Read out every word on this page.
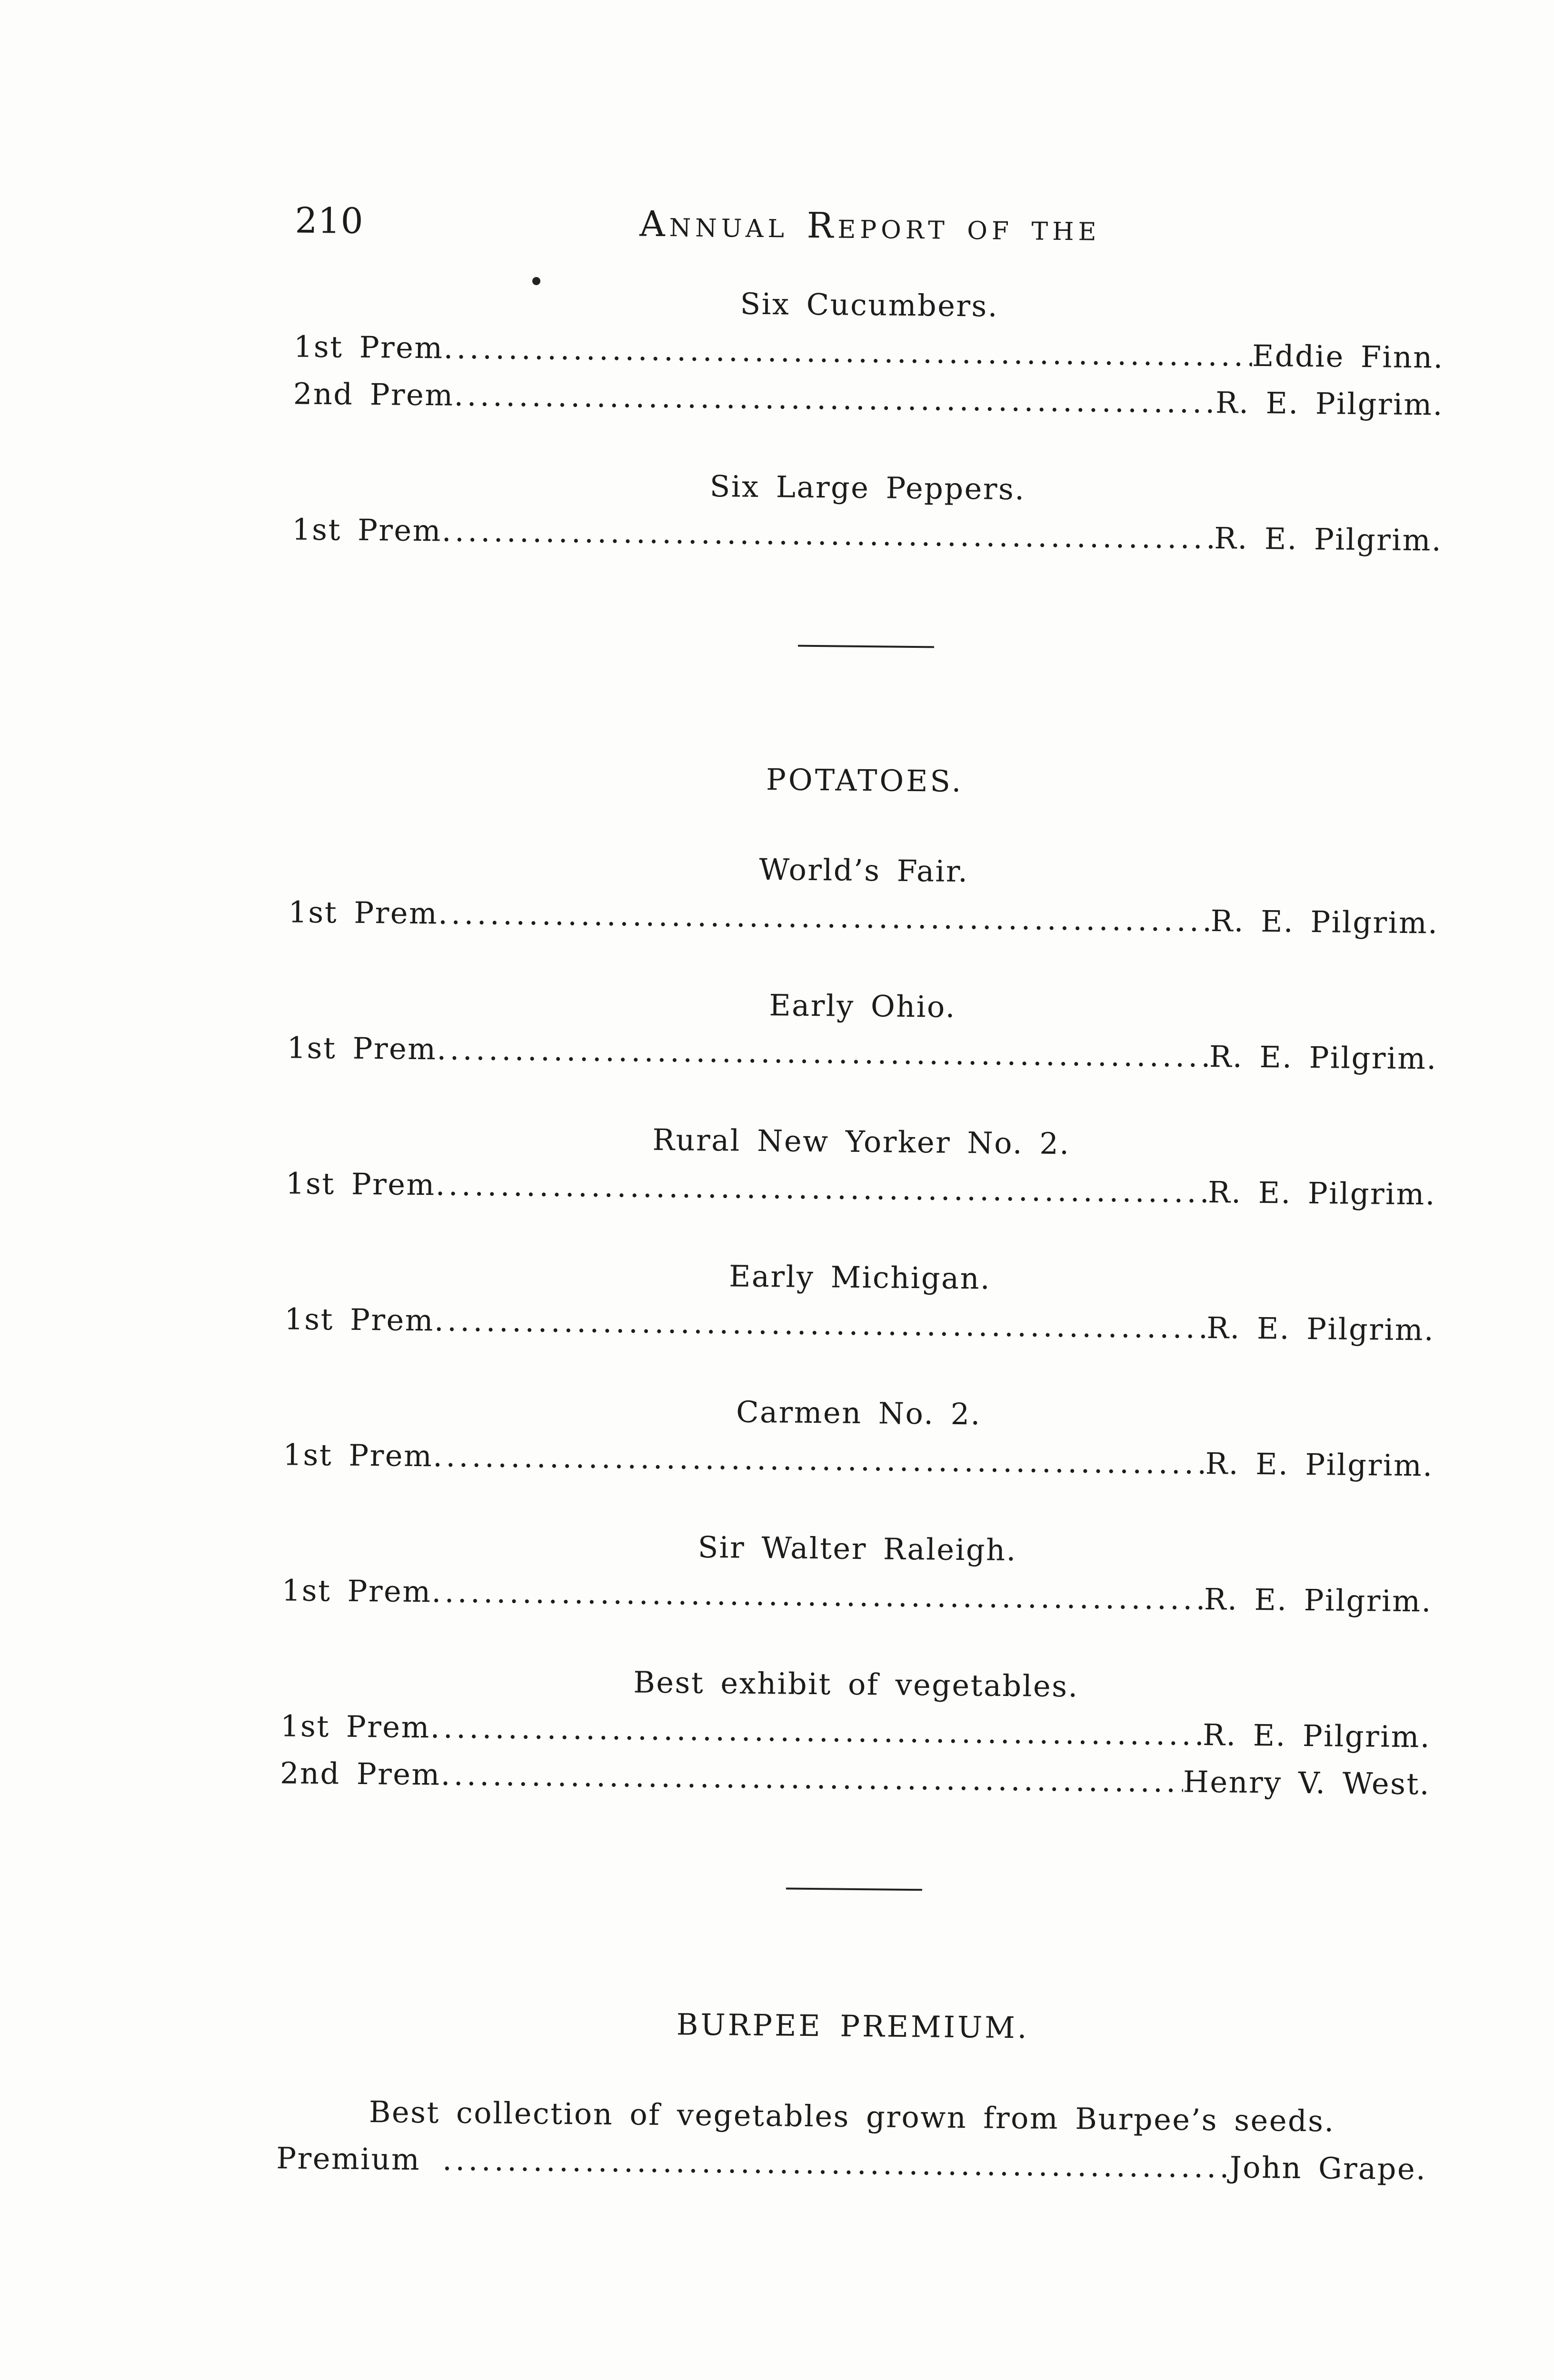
210	Annual Report of the
Six Cucumbers.
1st Prem .....	Eddie Finn.
2nd Prem .....	R. E. Pilgrim.
Six Large Peppers.
1st Prem .....	R. E. Pilgrim.
POTATOES.
World’s Fair.
1st Prem .....	R. E. Pilgrim.
Early Ohio.
1st Prem .....	R. E. Pilgrim.
Rural New Yorker No. 2.
1st Prem .....	R. E. Pilgrim.
Early Michigan.
1st Prem .....	R. E. Pilgrim.
Carmen No. 2.
1st Prem .....	R. E. Pilgrim.
Sir Walter Raleigh.
1st Prem .....	R. E. Pilgrim.
Best exhibit of vegetables.
1st Prem .....	R. E. Pilgrim.
2nd Prem .....	Henry V. West.
BURPEE PREMIUM.
Best collection of vegetables grown from Burpee’s seeds.
Premium .....	John Grape.
